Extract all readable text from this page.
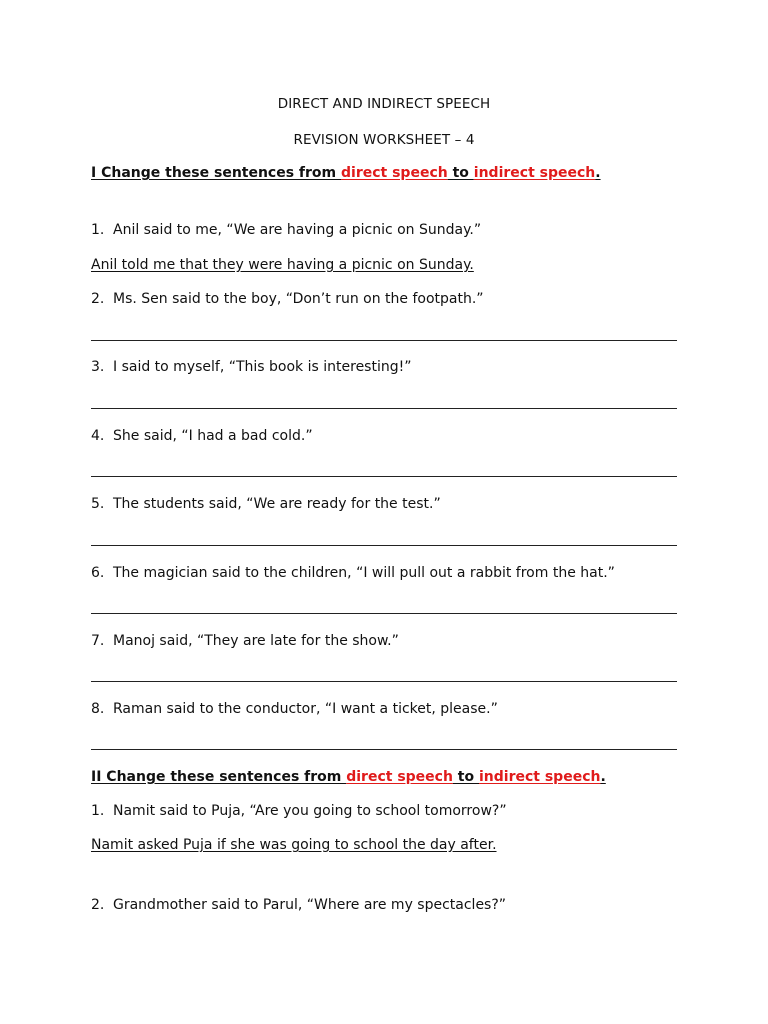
DIRECT AND INDIRECT SPEECH
REVISION WORKSHEET – 4
I Change these sentences from direct speech to indirect speech.
1. Anil said to me, “We are having a picnic on Sunday.”
Anil told me that they were having a picnic on Sunday.
2. Ms. Sen said to the boy, “Don’t run on the footpath.”
3. I said to myself, “This book is interesting!”
4. She said, “I had a bad cold.”
5. The students said, “We are ready for the test.”
6. The magician said to the children, “I will pull out a rabbit from the hat.”
7. Manoj said, “They are late for the show.”
8. Raman said to the conductor, “I want a ticket, please.”
II Change these sentences from direct speech to indirect speech.
1. Namit said to Puja, “Are you going to school tomorrow?”
Namit asked Puja if she was going to school the day after.
2. Grandmother said to Parul, “Where are my spectacles?”
